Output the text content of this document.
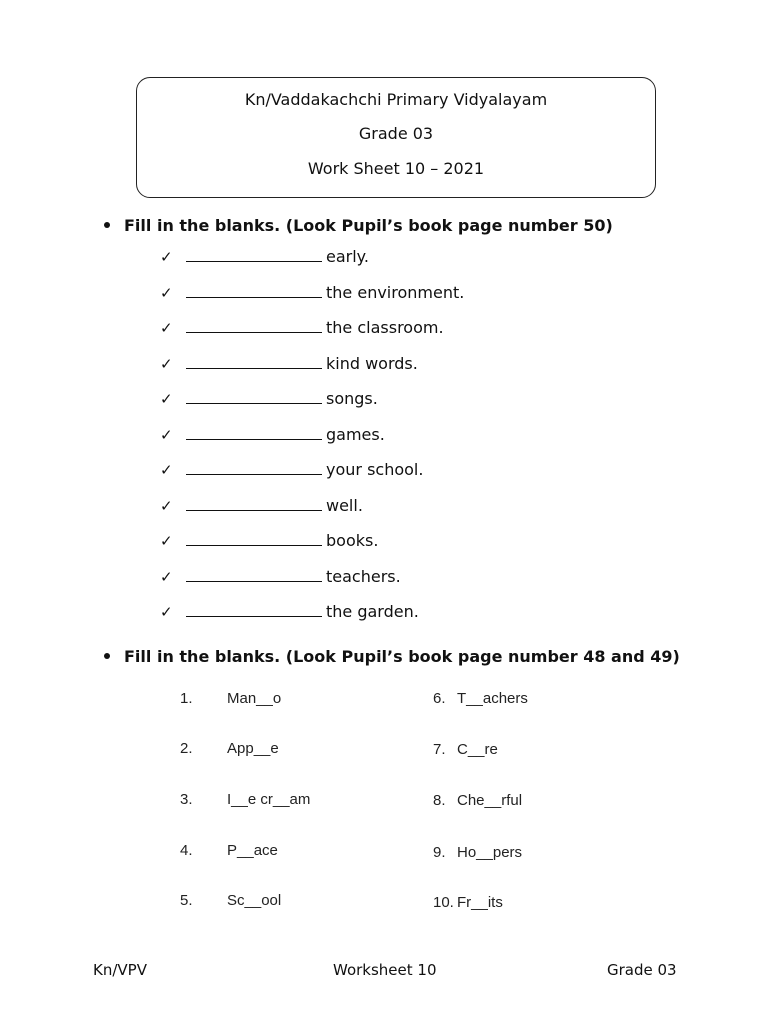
Kn/Vaddakachchi Primary Vidyalayam
Grade 03
Work Sheet 10 – 2021
Fill in the blanks. (Look Pupil’s book page number 50)
✓	early.
✓	the environment.
✓	the classroom.
✓	kind words.
✓	songs.
✓	games.
✓	your school.
✓	well.
✓	books.
✓	teachers.
✓	the garden.
Fill in the blanks. (Look Pupil’s book page number 48 and 49)
1. Man__o
2. App__e
3. I__e cr__am
4. P__ace
5. Sc__ool
6. T__achers
7. C__re
8. Che__rful
9. Ho__pers
10. Fr__its
Kn/VPV	Worksheet 10	Grade 03
